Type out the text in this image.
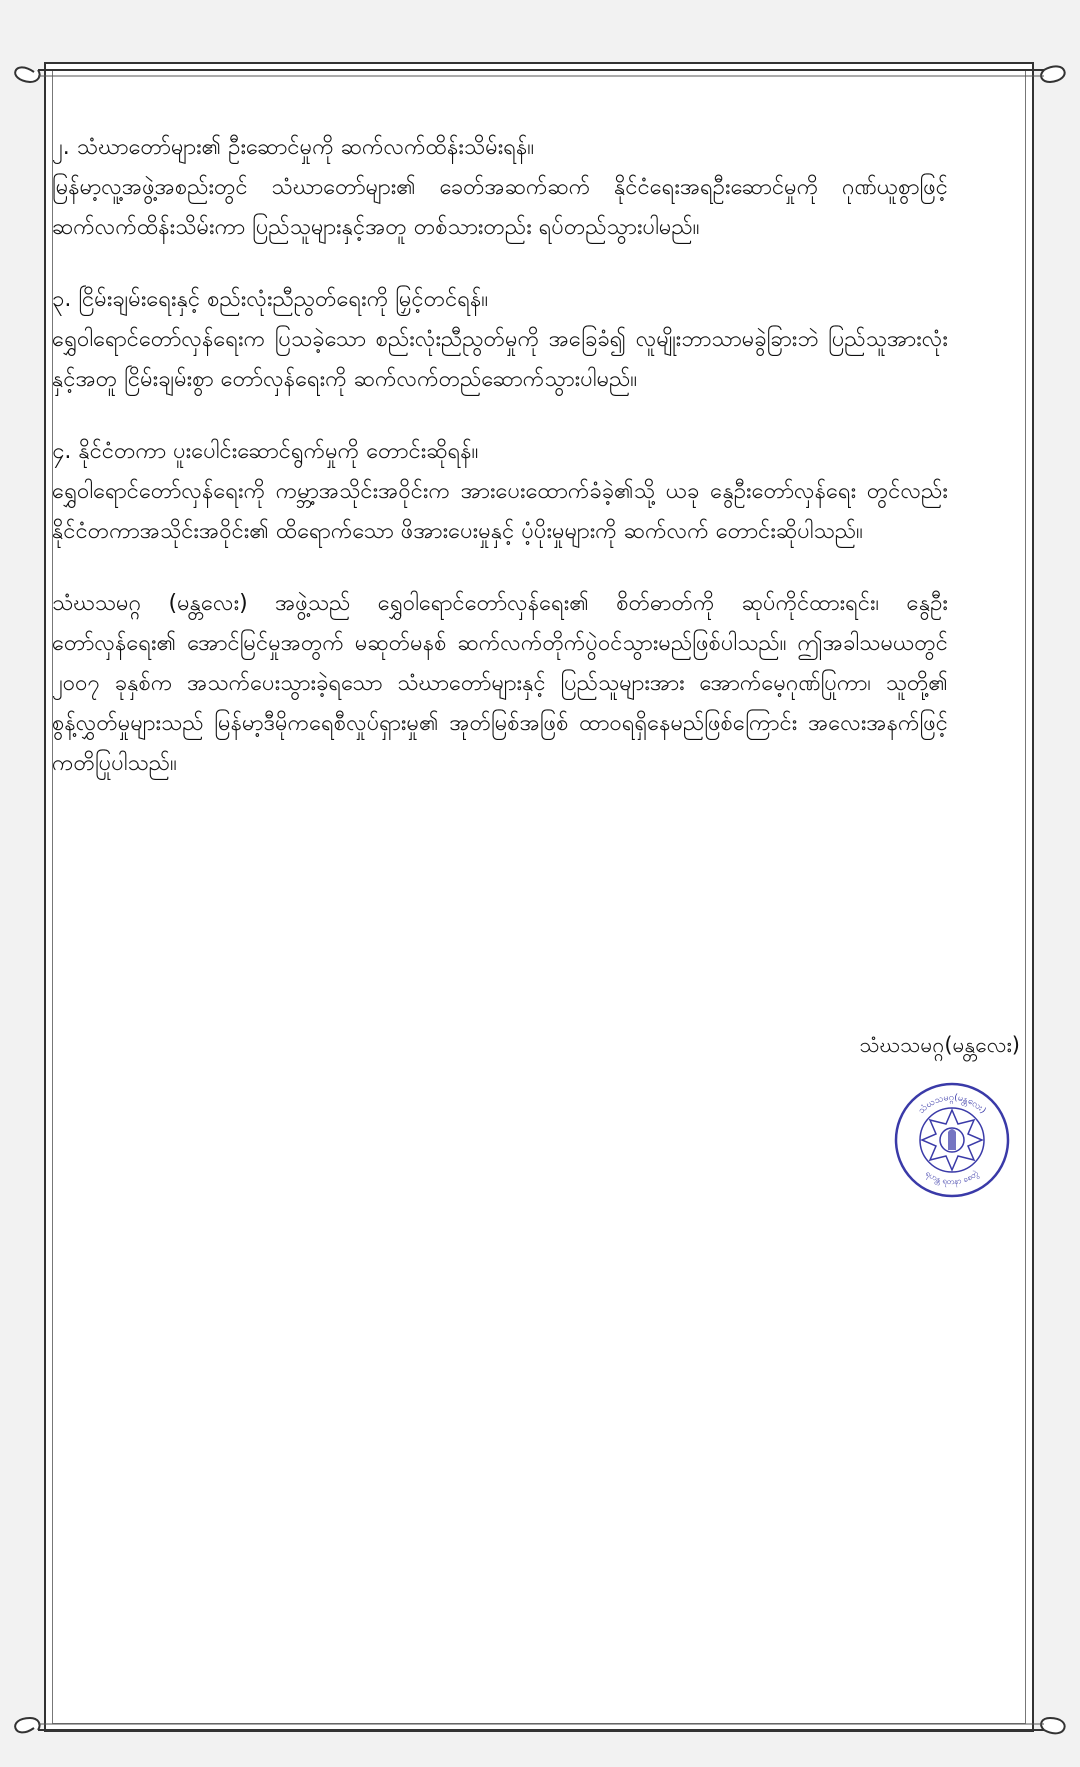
၂. သံဃာတော်များ၏ ဦးဆောင်မှုကို ဆက်လက်ထိန်းသိမ်းရန်။
မြန်မာ့လူ့အဖွဲ့အစည်းတွင် သံဃာတော်များ၏ ခေတ်အဆက်ဆက် နိုင်ငံရေးအရဦးဆောင်မှုကို ဂုဏ်ယူစွာဖြင့် ဆက်လက်ထိန်းသိမ်းကာ ပြည်သူများနှင့်အတူ တစ်သားတည်း ရပ်တည်သွားပါမည်။

၃. ငြိမ်းချမ်းရေးနှင့် စည်းလုံးညီညွတ်ရေးကို မြှင့်တင်ရန်။
ရွှေဝါရောင်တော်လှန်ရေးက ပြသခဲ့သော စည်းလုံးညီညွတ်မှုကို အခြေခံ၍ လူမျိုးဘာသာမခွဲခြားဘဲ ပြည်သူအားလုံးနှင့်အတူ ငြိမ်းချမ်းစွာ တော်လှန်ရေးကို ဆက်လက်တည်ဆောက်သွားပါမည်။

၄. နိုင်ငံတကာ ပူးပေါင်းဆောင်ရွက်မှုကို တောင်းဆိုရန်။
ရွှေဝါရောင်တော်လှန်ရေးကို ကမ္ဘာ့အသိုင်းအဝိုင်းက အားပေးထောက်ခံခဲ့၏သို့ ယခု နွေဦးတော်လှန်ရေး တွင်လည်း နိုင်ငံတကာအသိုင်းအဝိုင်း၏ ထိရောက်သော ဖိအားပေးမှုနှင့် ပံ့ပိုးမှုများကို ဆက်လက် တောင်းဆိုပါသည်။

သံဃသမဂ္ဂ (မန္တလေး) အဖွဲ့သည် ရွှေဝါရောင်တော်လှန်ရေး၏ စိတ်ဓာတ်ကို ဆုပ်ကိုင်ထားရင်း၊ နွေဦးတော်လှန်ရေး၏ အောင်မြင်မှုအတွက် မဆုတ်မနစ် ဆက်လက်တိုက်ပွဲဝင်သွားမည်ဖြစ်ပါသည်။ ဤအခါသမယတွင် ၂၀၀၇ ခုနှစ်က အသက်ပေးသွားခဲ့ရသော သံဃာတော်များနှင့် ပြည်သူများအား အောက်မေ့ဂုဏ်ပြုကာ၊ သူတို့၏ စွန့်လွှတ်မှုများသည် မြန်မာ့ဒီမိုကရေစီလှုပ်ရှားမှု၏ အုတ်မြစ်အဖြစ် ထာဝရရှိနေမည်ဖြစ်ကြောင်း အလေးအနက်ဖြင့် ကတိပြုပါသည်။

သံဃသမဂ္ဂ(မန္တလေး)
သံဃသမဂ္ဂ(မန္တလေး)
ရဟန္တ ရတနာ စေတွဲ
